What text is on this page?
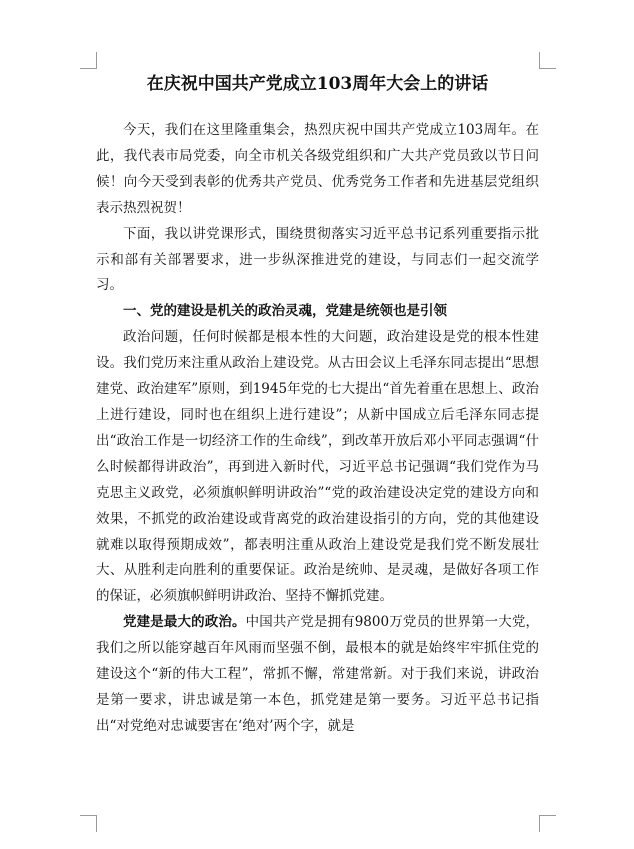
在庆祝中国共产党成立103周年大会上的讲话

今天，我们在这里隆重集会，热烈庆祝中国共产党成立103周年。在此，我代表市局党委，向全市机关各级党组织和广大共产党员致以节日问候！向今天受到表彰的优秀共产党员、优秀党务工作者和先进基层党组织表示热烈祝贺！

下面，我以讲党课形式，围绕贯彻落实习近平总书记系列重要指示批示和部有关部署要求，进一步纵深推进党的建设，与同志们一起交流学习。

一、党的建设是机关的政治灵魂，党建是统领也是引领

政治问题，任何时候都是根本性的大问题，政治建设是党的根本性建设。我们党历来注重从政治上建设党。从古田会议上毛泽东同志提出“思想建党、政治建军”原则，到1945年党的七大提出“首先着重在思想上、政治上进行建设，同时也在组织上进行建设”；从新中国成立后毛泽东同志提出“政治工作是一切经济工作的生命线”，到改革开放后邓小平同志强调“什么时候都得讲政治”，再到进入新时代，习近平总书记强调“我们党作为马克思主义政党，必须旗帜鲜明讲政治”“党的政治建设决定党的建设方向和效果，不抓党的政治建设或背离党的政治建设指引的方向，党的其他建设就难以取得预期成效”，都表明注重从政治上建设党是我们党不断发展壮大、从胜利走向胜利的重要保证。政治是统帅、是灵魂，是做好各项工作的保证，必须旗帜鲜明讲政治、坚持不懈抓党建。

党建是最大的政治。中国共产党是拥有9800万党员的世界第一大党，我们之所以能穿越百年风雨而坚强不倒，最根本的就是始终牢牢抓住党的建设这个“新的伟大工程”，常抓不懈，常建常新。对于我们来说，讲政治是第一要求，讲忠诚是第一本色，抓党建是第一要务。习近平总书记指出“对党绝对忠诚要害在‘绝对’两个字，就是
